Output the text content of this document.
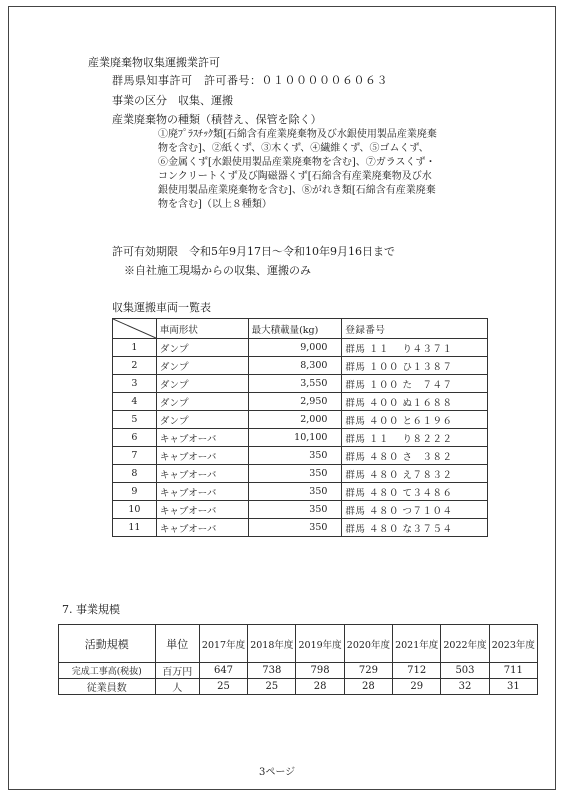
産業廃棄物収集運搬業許可
群馬県知事許可　許可番号：０１０００００６０６３
事業の区分　収集、運搬
産業廃棄物の種類（積替え、保管を除く）
①廃ﾌﾟﾗｽﾁｯｸ類[石綿含有産業廃棄物及び水銀使用製品産業廃棄
物を含む]、②紙くず、③木くず、④繊維くず、⑤ゴムくず、
⑥金属くず[水銀使用製品産業廃棄物を含む]、⑦ガラスくず・
コンクリートくず及び陶磁器くず[石綿含有産業廃棄物及び水
銀使用製品産業廃棄物を含む]、⑧がれき類[石綿含有産業廃棄
物を含む]（以上８種類）
許可有効期限　令和5年9月17日～令和10年9月16日まで
※自社施工現場からの収集、運搬のみ
収集運搬車両一覧表
	車両形状	最大積載量(kg)	登録番号
1	ダンプ	9,000	群馬 １１　 り４３７１
2	ダンプ	8,300	群馬 １００ ひ１３８７
3	ダンプ	3,550	群馬 １００ た　７４７
4	ダンプ	2,950	群馬 ４００ ぬ１６８８
5	ダンプ	2,000	群馬 ４００ と６１９６
6	キャブオーバ	10,100	群馬 １１　 り８２２２
7	キャブオーバ	350	群馬 ４８０ さ　３８２
8	キャブオーバ	350	群馬 ４８０ え７８３２
9	キャブオーバ	350	群馬 ４８０ て３４８６
10	キャブオーバ	350	群馬 ４８０ つ７１０４
11	キャブオーバ	350	群馬 ４８０ な３７５４
7. 事業規模
活動規模	単位	2017年度	2018年度	2019年度	2020年度	2021年度	2022年度	2023年度
完成工事高(税抜)	百万円	647	738	798	729	712	503	711
従業員数	人	25	25	28	28	29	32	31
3ページ
